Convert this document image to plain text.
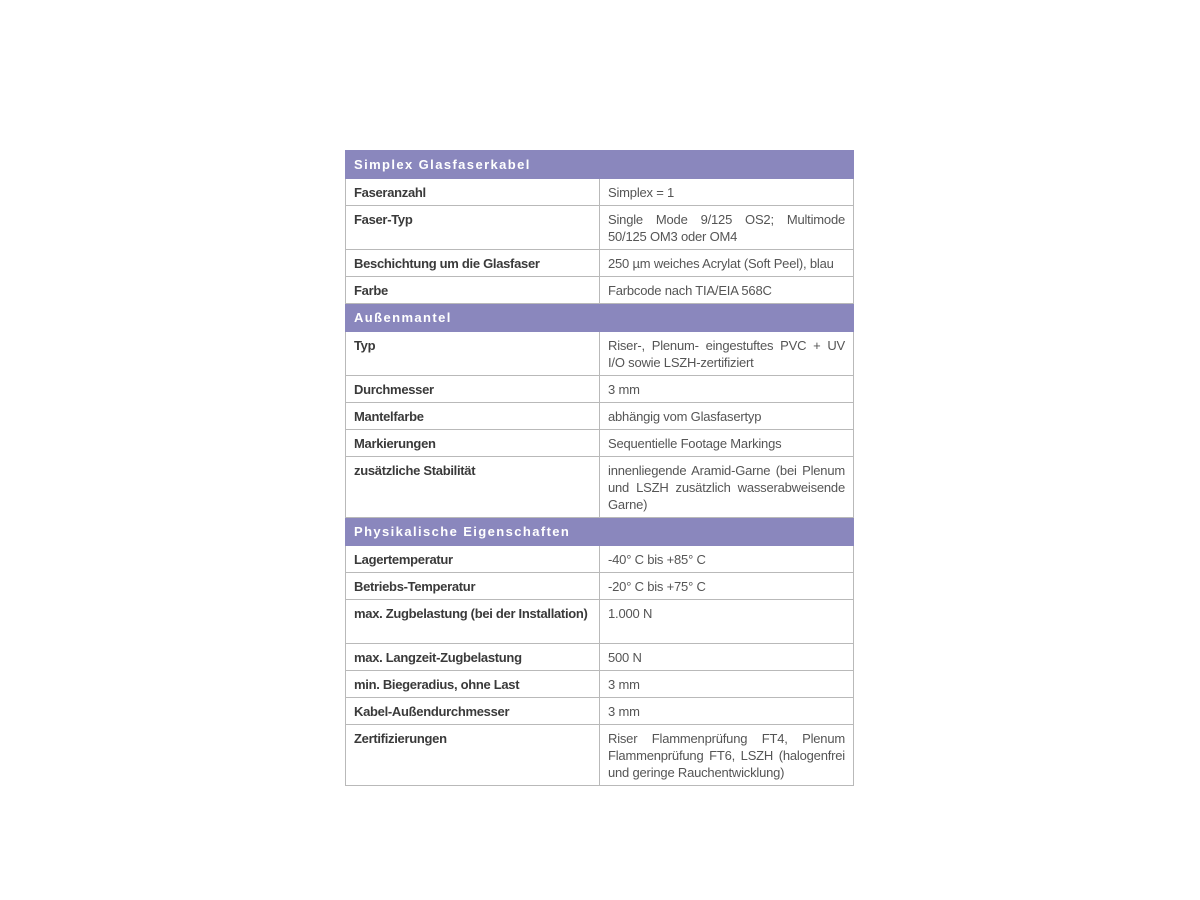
Simplex Glasfaserkabel	
Faseranzahl	Simplex = 1
Faser-Typ	Single Mode 9/125 OS2; Multimode 50/125 OM3 oder OM4
Beschichtung um die Glasfaser	250 µm weiches Acrylat (Soft Peel), blau
Farbe	Farbcode nach TIA/EIA 568C
Außenmantel	
Typ	Riser-, Plenum- eingestuftes PVC + UV I/O sowie LSZH-zertifiziert
Durchmesser	3 mm
Mantelfarbe	abhängig vom Glasfasertyp
Markierungen	Sequentielle Footage Markings
zusätzliche Stabilität	innenliegende Aramid-Garne (bei Plenum und LSZH zusätzlich wasserabweisende Garne)
Physikalische Eigenschaften	
Lagertemperatur	-40° C bis +85° C
Betriebs-Temperatur	-20° C bis +75° C
max. Zugbelastung (bei der Installation)	1.000 N
max. Langzeit-Zugbelastung	500 N
min. Biegeradius, ohne Last	3 mm
Kabel-Außendurchmesser	3 mm
Zertifizierungen	Riser Flammenprüfung FT4, Plenum Flammenprüfung FT6, LSZH (halogenfrei und geringe Rauchentwicklung)
